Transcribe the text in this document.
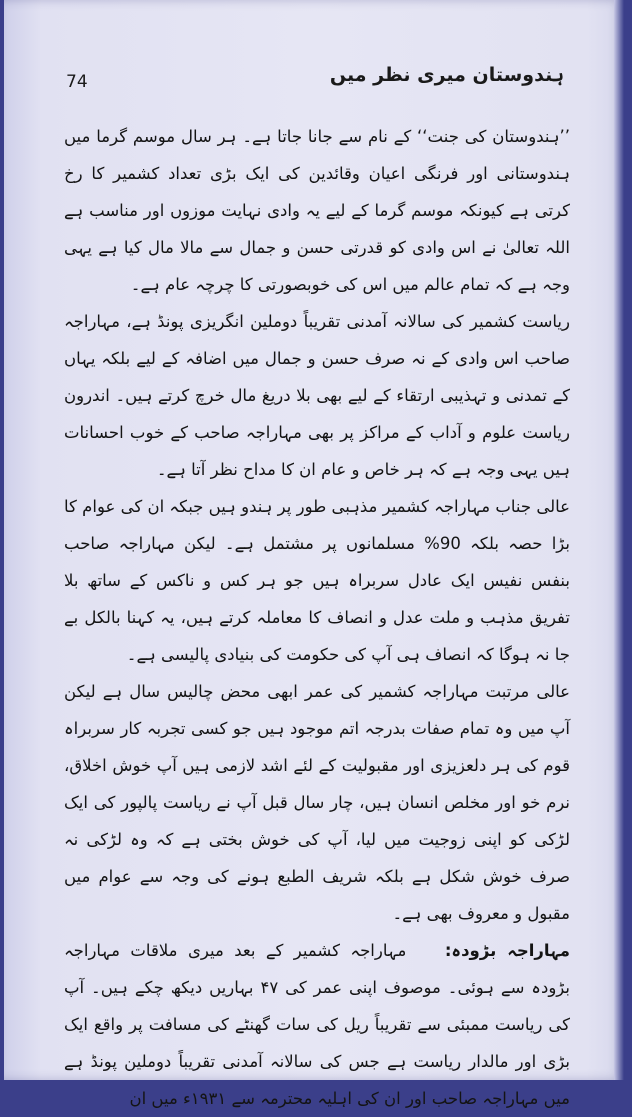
ہندوستان میری نظر میں
74

’’ہندوستان کی جنت‘‘ کے نام سے جانا جاتا ہے۔ ہر سال موسم گرما میں ہندوستانی اور فرنگی اعیان وقائدین کی ایک بڑی تعداد کشمیر کا رخ کرتی ہے کیونکہ موسم گرما کے لیے یہ وادی نہایت موزوں اور مناسب ہے اللہ تعالیٰ نے اس وادی کو قدرتی حسن و جمال سے مالا مال کیا ہے یہی وجہ ہے کہ تمام عالم میں اس کی خوبصورتی کا چرچہ عام ہے۔

ریاست کشمیر کی سالانہ آمدنی تقریباً دوملین انگریزی پونڈ ہے، مہاراجہ صاحب اس وادی کے نہ صرف حسن و جمال میں اضافہ کے لیے بلکہ یہاں کے تمدنی و تہذیبی ارتقاء کے لیے بھی بلا دریغ مال خرچ کرتے ہیں۔ اندرون ریاست علوم و آداب کے مراکز پر بھی مہاراجہ صاحب کے خوب احسانات ہیں یہی وجہ ہے کہ ہر خاص و عام ان کا مداح نظر آتا ہے۔

عالی جناب مہاراجہ کشمیر مذہبی طور پر ہندو ہیں جبکہ ان کی عوام کا بڑا حصہ بلکہ 90% مسلمانوں پر مشتمل ہے۔ لیکن مہاراجہ صاحب بنفس نفیس ایک عادل سربراہ ہیں جو ہر کس و ناکس کے ساتھ بلا تفریق مذہب و ملت عدل و انصاف کا معاملہ کرتے ہیں، یہ کہنا بالکل بے جا نہ ہوگا کہ انصاف ہی آپ کی حکومت کی بنیادی پالیسی ہے۔

عالی مرتبت مہاراجہ کشمیر کی عمر ابھی محض چالیس سال ہے لیکن آپ میں وہ تمام صفات بدرجہ اتم موجود ہیں جو کسی تجربہ کار سربراہ قوم کی ہر دلعزیزی اور مقبولیت کے لئے اشد لازمی ہیں آپ خوش اخلاق، نرم خو اور مخلص انسان ہیں، چار سال قبل آپ نے ریاست پالپور کی ایک لڑکی کو اپنی زوجیت میں لیا، آپ کی خوش بختی ہے کہ وہ لڑکی نہ صرف خوش شکل ہے بلکہ شریف الطبع ہونے کی وجہ سے عوام میں مقبول و معروف بھی ہے۔

مہاراجہ بڑودہ: مہاراجہ کشمیر کے بعد میری ملاقات مہاراجہ بڑودہ سے ہوئی۔ موصوف اپنی عمر کی ۴۷ بہاریں دیکھ چکے ہیں۔ آپ کی ریاست ممبئی سے تقریباً ریل کی سات گھنٹے کی مسافت پر واقع ایک بڑی اور مالدار ریاست ہے جس کی سالانہ آمدنی تقریباً دوملین پونڈ ہے میں مہاراجہ صاحب اور ان کی اہلیہ محترمہ سے ۱۹۳۱ء میں ان
